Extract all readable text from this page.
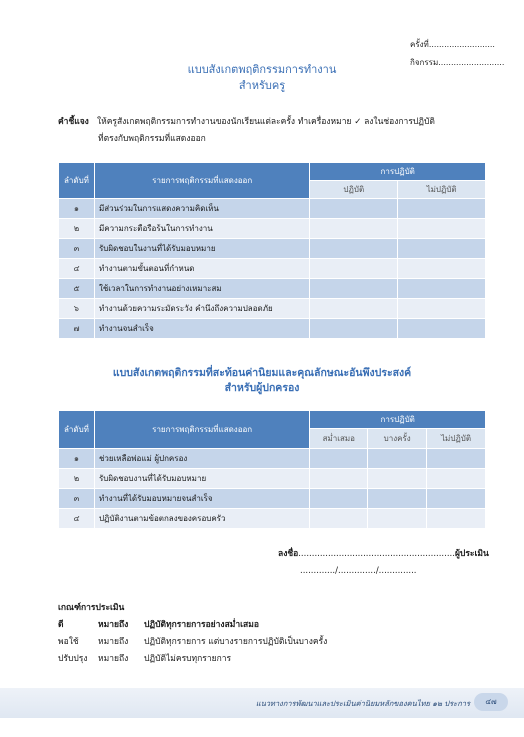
ครั้งที่..........................
กิจกรรม..........................
แบบสังเกตพฤติกรรมการทำงาน
สำหรับครู
คำชี้แจง ให้ครูสังเกตพฤติกรรมการทำงานของนักเรียนแต่ละครั้ง ทำเครื่องหมาย ✓ ลงในช่องการปฏิบัติ
ที่ตรงกับพฤติกรรมที่แสดงออก
ลำดับที่	รายการพฤติกรรมที่แสดงออก	การปฏิบัติ	
		ปฏิบัติ	ไม่ปฏิบัติ
๑	มีส่วนร่วมในการแสดงความคิดเห็น		
๒	มีความกระตือรือร้นในการทำงาน		
๓	รับผิดชอบในงานที่ได้รับมอบหมาย		
๔	ทำงานตามขั้นตอนที่กำหนด		
๕	ใช้เวลาในการทำงานอย่างเหมาะสม		
๖	ทำงานด้วยความระมัดระวัง คำนึงถึงความปลอดภัย		
๗	ทำงานจนสำเร็จ		
แบบสังเกตพฤติกรรมที่สะท้อนค่านิยมและคุณลักษณะอันพึงประสงค์
สำหรับผู้ปกครอง
ลำดับที่	รายการพฤติกรรมที่แสดงออก	การปฏิบัติ		
		สม่ำเสมอ	บางครั้ง	ไม่ปฏิบัติ
๑	ช่วยเหลือพ่อแม่ ผู้ปกครอง			
๒	รับผิดชอบงานที่ได้รับมอบหมาย			
๓	ทำงานที่ได้รับมอบหมายจนสำเร็จ			
๔	ปฏิบัติงานตามข้อตกลงของครอบครัว			
ลงชื่อ..........................................................ผู้ประเมิน
............./............../..............
เกณฑ์การประเมิน
ดี	หมายถึง	ปฏิบัติทุกรายการอย่างสม่ำเสมอ
พอใช้	หมายถึง	ปฏิบัติทุกรายการ แต่บางรายการปฏิบัติเป็นบางครั้ง
ปรับปรุง	หมายถึง	ปฏิบัติไม่ครบทุกรายการ
แนวทางการพัฒนาและประเมินค่านิยมหลักของคนไทย ๑๒ ประการ	๔๗
